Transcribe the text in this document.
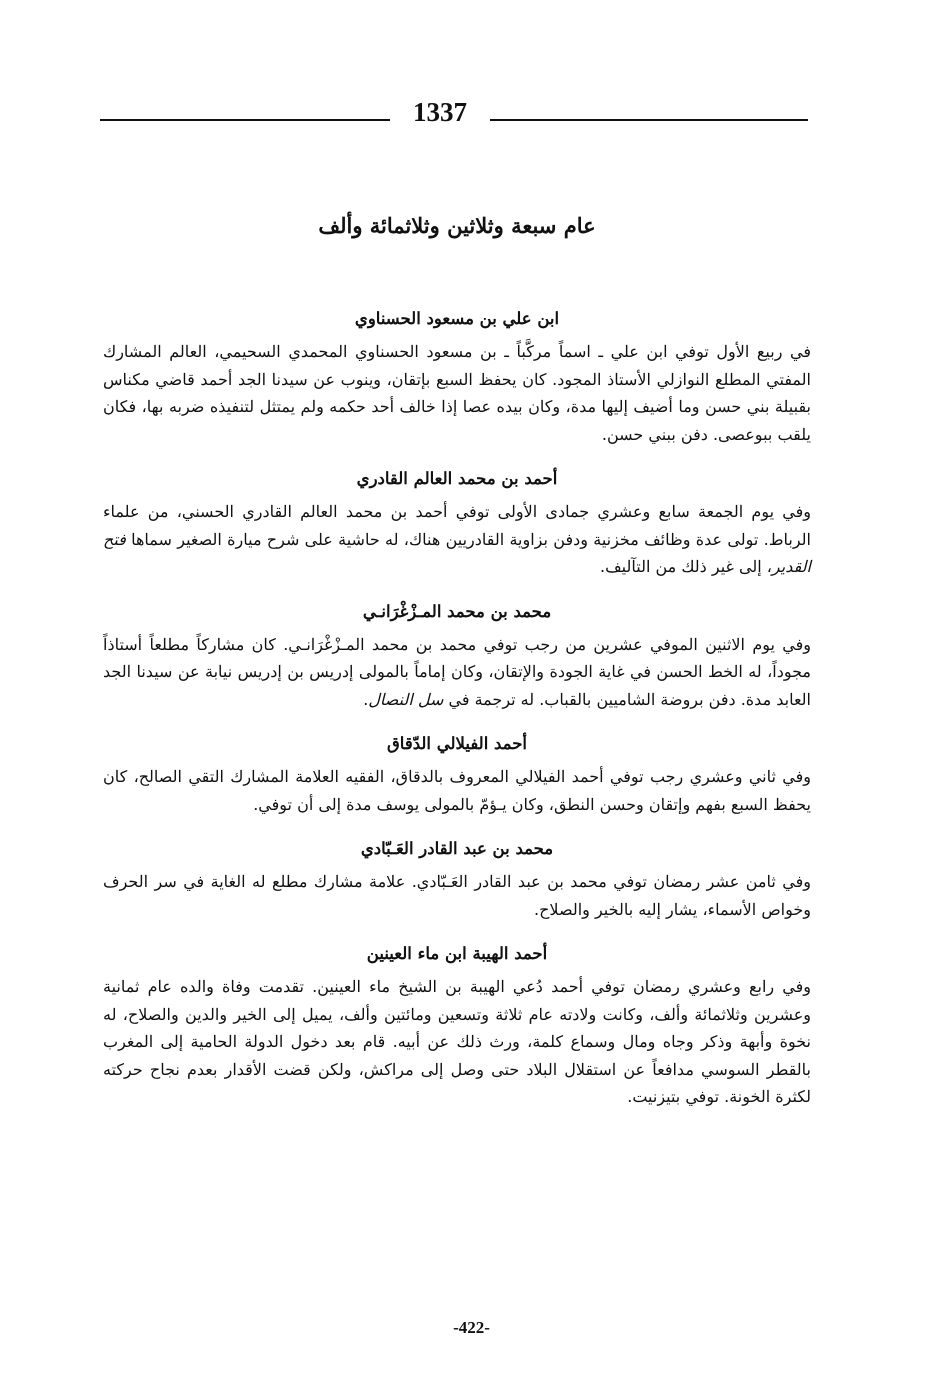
1337
عام سبعة وثلاثين وثلاثمائة وألف

ابن علي بن مسعود الحسناوي

في ربيع الأول توفي ابن علي ـ اسماً مركَّباً ـ بن مسعود الحسناوي المحمدي السحيمي، العالم المشارك المفتي المطلع النوازلي الأستاذ المجود. كان يحفظ السبع بإتقان، وينوب عن سيدنا الجد أحمد قاضي مكناس بقبيلة بني حسن وما أضيف إليها مدة، وكان بيده عصا إذا خالف أحد حكمه ولم يمتثل لتنفيذه ضربه بها، فكان يلقب ببوعصى. دفن ببني حسن.

أحمد بن محمد العالم القادري

وفي يوم الجمعة سابع وعشري جمادى الأولى توفي أحمد بن محمد العالم القادري الحسني، من علماء الرباط. تولى عدة وظائف مخزنية ودفن بزاوية القادريين هناك، له حاشية على شرح ميارة الصغير سماها فتح القدير، إلى غير ذلك من التآليف.

محمد بن محمد المـزْغْرَانـي

وفي يوم الاثنين الموفي عشرين من رجب توفي محمد بن محمد المـزْغْرَانـي. كان مشاركاً مطلعاً أستاذاً مجوداً، له الخط الحسن في غاية الجودة والإتقان، وكان إماماً بالمولى إدريس بن إدريس نيابة عن سيدنا الجد العابد مدة. دفن بروضة الشاميين بالقباب. له ترجمة في سل النصال.

أحمد الفيلالي الدّقاق

وفي ثاني وعشري رجب توفي أحمد الفيلالي المعروف بالدقاق، الفقيه العلامة المشارك التقي الصالح، كان يحفظ السبع بفهم وإتقان وحسن النطق، وكان يـؤمّ بالمولى يوسف مدة إلى أن توفي.

محمد بن عبد القادر العَـبّادي

وفي ثامن عشر رمضان توفي محمد بن عبد القادر العَـبّادي. علامة مشارك مطلع له الغاية في سر الحرف وخواص الأسماء، يشار إليه بالخير والصلاح.

أحمد الهيبة ابن ماء العينين

وفي رابع وعشري رمضان توفي أحمد دُعي الهيبة بن الشيخ ماء العينين. تقدمت وفاة والده عام ثمانية وعشرين وثلاثمائة وألف، وكانت ولادته عام ثلاثة وتسعين ومائتين وألف، يميل إلى الخير والدين والصلاح، له نخوة وأبهة وذكر وجاه ومال وسماع كلمة، ورث ذلك عن أبيه. قام بعد دخول الدولة الحامية إلى المغرب بالقطر السوسي مدافعاً عن استقلال البلاد حتى وصل إلى مراكش، ولكن قضت الأقدار بعدم نجاح حركته لكثرة الخونة. توفي بتيزنيت.

-422-
